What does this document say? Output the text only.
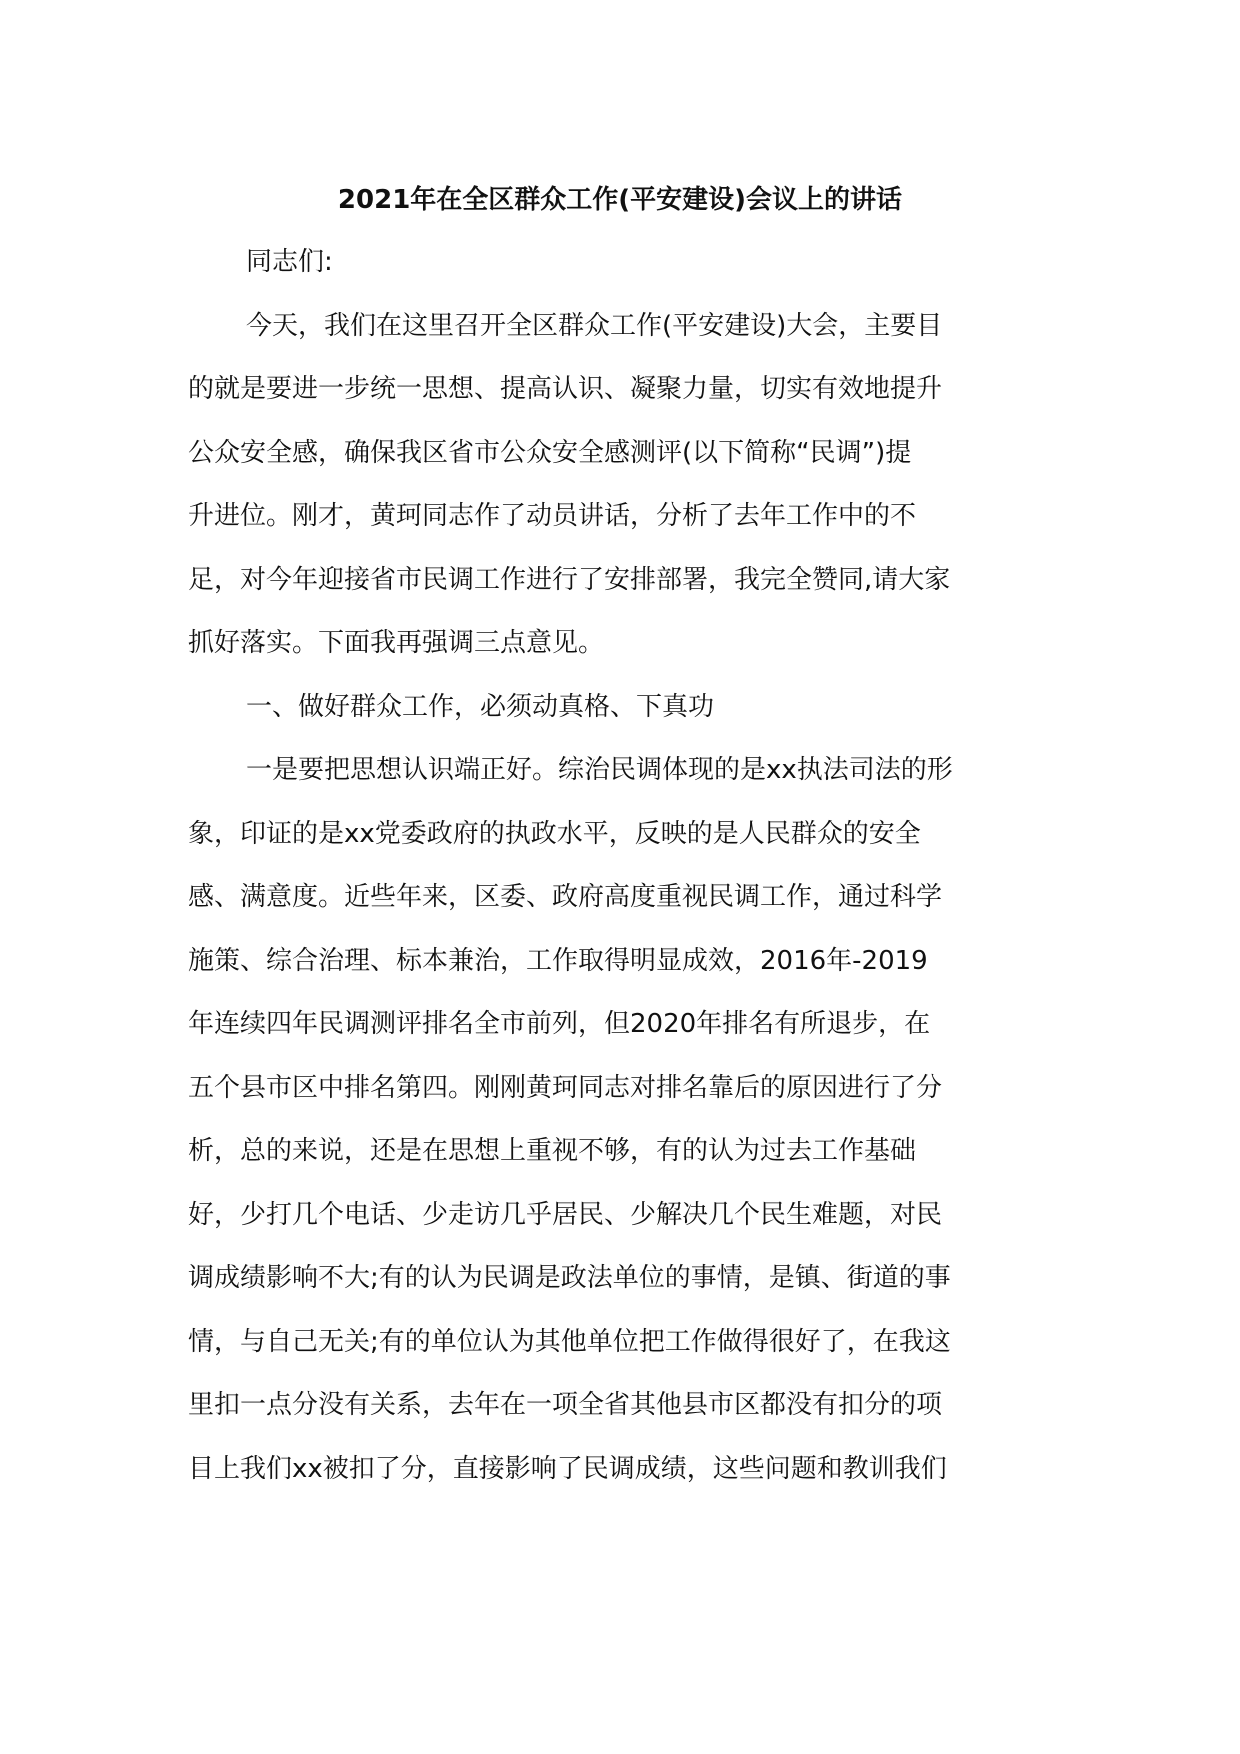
2021年在全区群众工作(平安建设)会议上的讲话
同志们:
今天，我们在这里召开全区群众工作(平安建设)大会，主要目
的就是要进一步统一思想、提高认识、凝聚力量，切实有效地提升
公众安全感，确保我区省市公众安全感测评(以下简称“民调”)提
升进位。刚才，黄珂同志作了动员讲话，分析了去年工作中的不
足，对今年迎接省市民调工作进行了安排部署，我完全赞同,请大家
抓好落实。下面我再强调三点意见。
一、做好群众工作，必须动真格、下真功
一是要把思想认识端正好。综治民调体现的是xx执法司法的形
象，印证的是xx党委政府的执政水平，反映的是人民群众的安全
感、满意度。近些年来，区委、政府高度重视民调工作，通过科学
施策、综合治理、标本兼治，工作取得明显成效，2016年-2019
年连续四年民调测评排名全市前列，但2020年排名有所退步，在
五个县市区中排名第四。刚刚黄珂同志对排名靠后的原因进行了分
析，总的来说，还是在思想上重视不够，有的认为过去工作基础
好，少打几个电话、少走访几乎居民、少解决几个民生难题，对民
调成绩影响不大;有的认为民调是政法单位的事情，是镇、街道的事
情，与自己无关;有的单位认为其他单位把工作做得很好了，在我这
里扣一点分没有关系，去年在一项全省其他县市区都没有扣分的项
目上我们xx被扣了分，直接影响了民调成绩，这些问题和教训我们
